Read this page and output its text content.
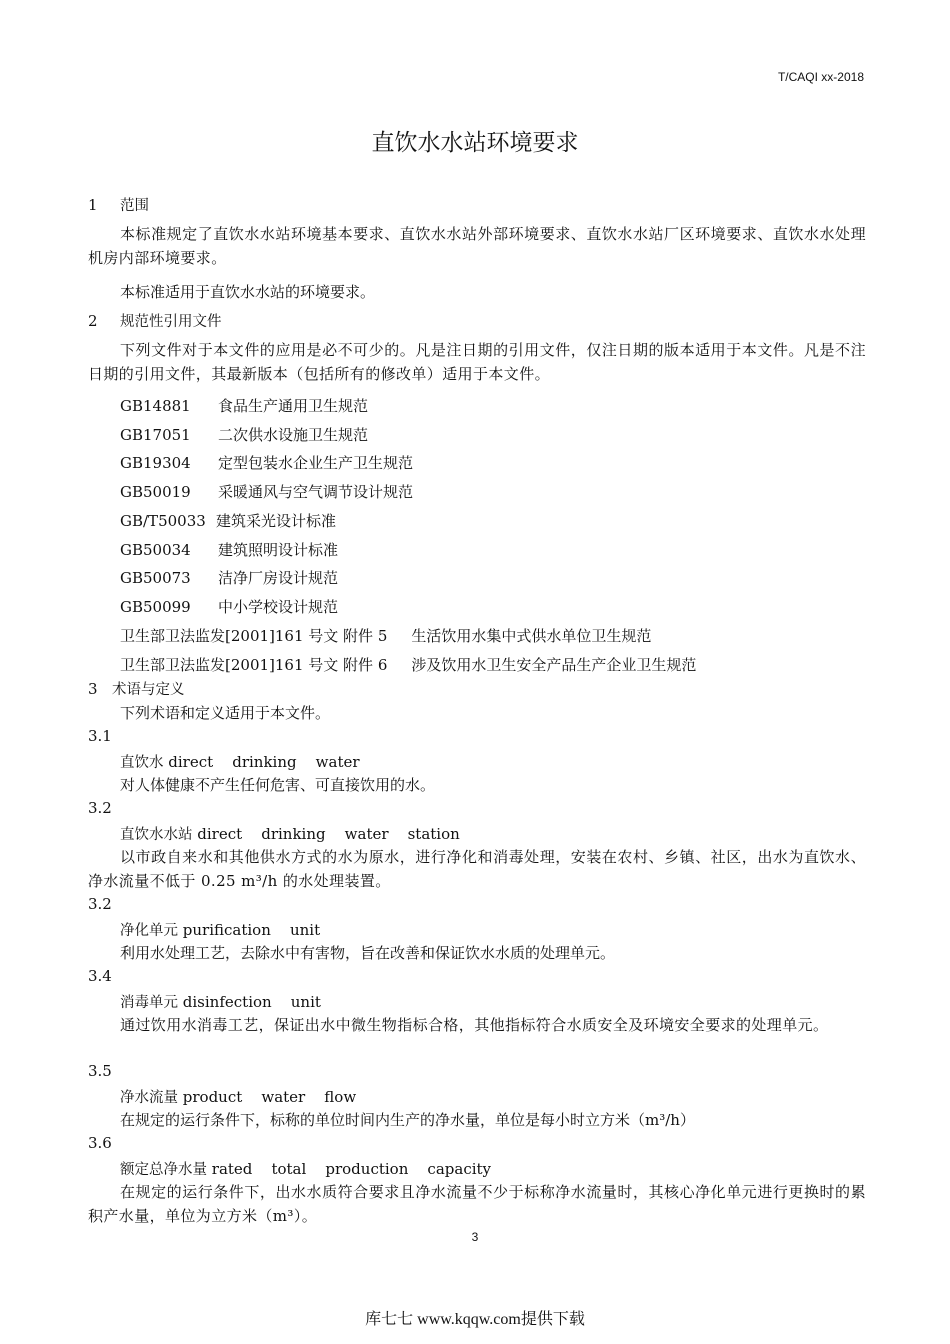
T/CAQI xx-2018
直饮水水站环境要求
1 范围
本标准规定了直饮水水站环境基本要求、直饮水水站外部环境要求、直饮水水站厂区环境要求、直饮水水处理机房内部环境要求。
本标准适用于直饮水水站的环境要求。
2 规范性引用文件
下列文件对于本文件的应用是必不可少的。凡是注日期的引用文件，仅注日期的版本适用于本文件。凡是不注日期的引用文件，其最新版本（包括所有的修改单）适用于本文件。
GB14881 食品生产通用卫生规范
GB17051 二次供水设施卫生规范
GB19304 定型包装水企业生产卫生规范
GB50019 采暖通风与空气调节设计规范
GB/T50033 建筑采光设计标准
GB50034 建筑照明设计标准
GB50073 洁净厂房设计规范
GB50099 中小学校设计规范
卫生部卫法监发[2001]161 号文 附件 5 生活饮用水集中式供水单位卫生规范
卫生部卫法监发[2001]161 号文 附件 6 涉及饮用水卫生安全产品生产企业卫生规范
3 术语与定义
下列术语和定义适用于本文件。
3.1
直饮水 direct    drinking    water
对人体健康不产生任何危害、可直接饮用的水。
3.2
直饮水水站 direct    drinking    water    station
以市政自来水和其他供水方式的水为原水，进行净化和消毒处理，安装在农村、乡镇、社区，出水为直饮水、净水流量不低于 0.25 m³/h 的水处理装置。
3.2
净化单元 purification    unit
利用水处理工艺，去除水中有害物，旨在改善和保证饮水水质的处理单元。
3.4
消毒单元 disinfection    unit
通过饮用水消毒工艺，保证出水中微生物指标合格，其他指标符合水质安全及环境安全要求的处理单元。
3.5
净水流量 product    water    flow
在规定的运行条件下，标称的单位时间内生产的净水量，单位是每小时立方米（m³/h）
3.6
额定总净水量 rated    total    production    capacity
在规定的运行条件下，出水水质符合要求且净水流量不少于标称净水流量时，其核心净化单元进行更换时的累积产水量，单位为立方米（m³）。
3
库七七 www.kqqw.com提供下载
